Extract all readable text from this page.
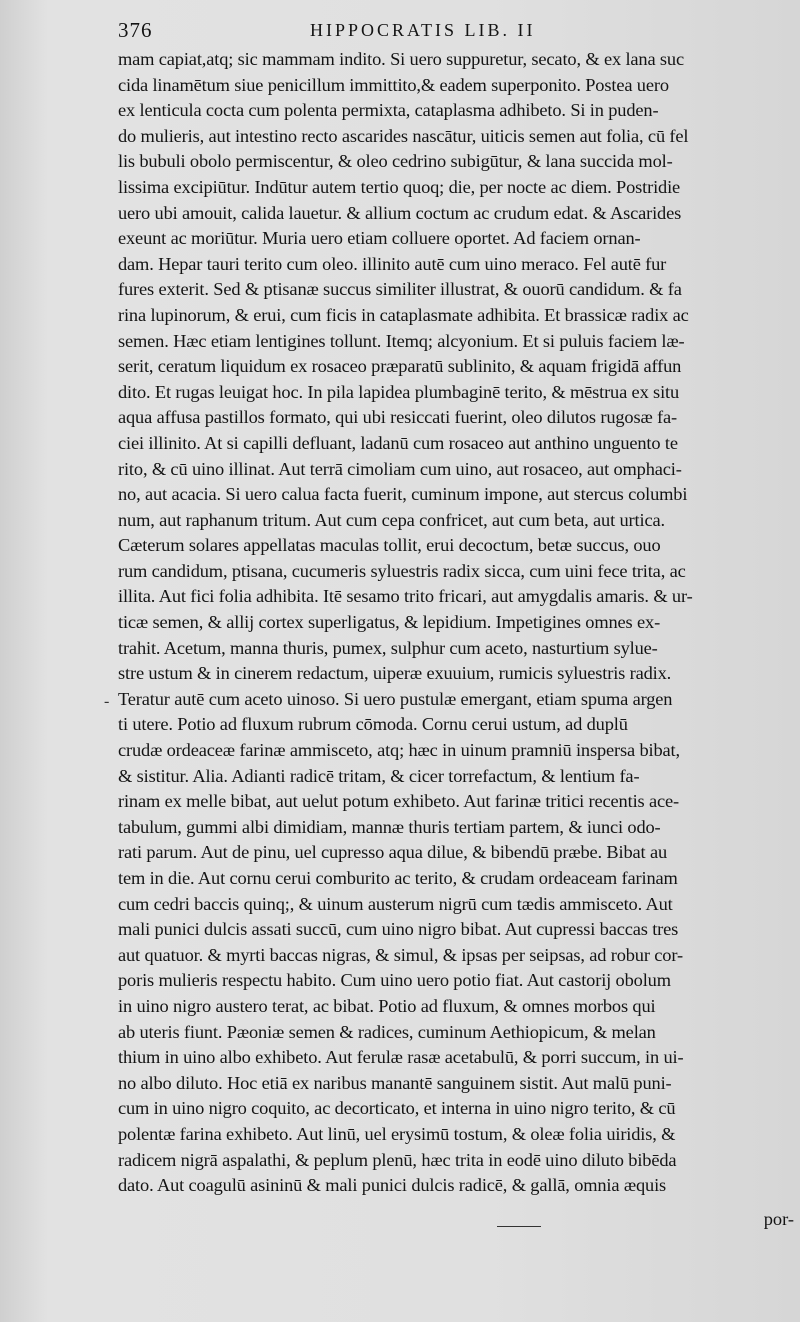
376	HIPPOCRATIS LIB. II
mam capiat,atq; sic mammam indito. Si uero suppuretur, secato, & ex lana suc
cida linamētum siue penicillum immittito,& eadem superponito. Postea uero
ex lenticula cocta cum polenta permixta, cataplasma adhibeto. Si in puden-
do mulieris, aut intestino recto ascarides nascātur, uiticis semen aut folia, cū fel
lis bubuli obolo permiscentur, & oleo cedrino subigūtur, & lana succida mol-
lissima excipiūtur. Indūtur autem tertio quoq; die, per nocte ac diem. Postridie
uero ubi amouit, calida lauetur. & allium coctum ac crudum edat. & Ascarides
exeunt ac moriūtur. Muria uero etiam colluere oportet. Ad faciem ornan-
dam. Hepar tauri terito cum oleo. illinito autē cum uino meraco. Fel autē fur
fures exterit. Sed & ptisanæ succus similiter illustrat, & ouorū candidum. & fa
rina lupinorum, & erui, cum ficis in cataplasmate adhibita. Et brassicæ radix ac
semen. Hæc etiam lentigines tollunt. Itemq; alcyonium. Et si puluis faciem læ-
serit, ceratum liquidum ex rosaceo præparatū sublinito, & aquam frigidā affun
dito. Et rugas leuigat hoc. In pila lapidea plumbaginē terito, & mēstrua ex situ
aqua affusa pastillos formato, qui ubi resiccati fuerint, oleo dilutos rugosæ fa-
ciei illinito. At si capilli defluant, ladanū cum rosaceo aut anthino unguento te
rito, & cū uino illinat. Aut terrā cimoliam cum uino, aut rosaceo, aut omphaci-
no, aut acacia. Si uero calua facta fuerit, cuminum impone, aut stercus columbi
num, aut raphanum tritum. Aut cum cepa confricet, aut cum beta, aut urtica.
Cæterum solares appellatas maculas tollit, erui decoctum, betæ succus, ouo
rum candidum, ptisana, cucumeris syluestris radix sicca, cum uini fece trita, ac
illita. Aut fici folia adhibita. Itē sesamo trito fricari, aut amygdalis amaris. & ur-
ticæ semen, & allij cortex superligatus, & lepidium. Impetigines omnes ex-
trahit. Acetum, manna thuris, pumex, sulphur cum aceto, nasturtium sylue-
stre ustum & in cinerem redactum, uiperæ exuuium, rumicis syluestris radix.
Teratur autē cum aceto uinoso. Si uero pustulæ emergant, etiam spuma argen
ti utere. Potio ad fluxum rubrum cōmoda. Cornu cerui ustum, ad duplū
crudæ ordeaceæ farinæ ammisceto, atq; hæc in uinum pramniū inspersa bibat,
& sistitur. Alia. Adianti radicē tritam, & cicer torrefactum, & lentium fa-
rinam ex melle bibat, aut uelut potum exhibeto. Aut farinæ tritici recentis ace-
tabulum, gummi albi dimidiam, mannæ thuris tertiam partem, & iunci odo-
rati parum. Aut de pinu, uel cupresso aqua dilue, & bibendū præbe. Bibat au
tem in die. Aut cornu cerui comburito ac terito, & crudam ordeaceam farinam
cum cedri baccis quinq;, & uinum austerum nigrū cum tædis ammisceto. Aut
mali punici dulcis assati succū, cum uino nigro bibat. Aut cupressi baccas tres
aut quatuor. & myrti baccas nigras, & simul, & ipsas per seipsas, ad robur cor-
poris mulieris respectu habito. Cum uino uero potio fiat. Aut castorij obolum
in uino nigro austero terat, ac bibat. Potio ad fluxum, & omnes morbos qui
ab uteris fiunt. Pæoniæ semen & radices, cuminum Aethiopicum, & melan
thium in uino albo exhibeto. Aut ferulæ rasæ acetabulū, & porri succum, in ui-
no albo diluto. Hoc etiā ex naribus manantē sanguinem sistit. Aut malū puni-
cum in uino nigro coquito, ac decorticato, et interna in uino nigro terito, & cū
polentæ farina exhibeto. Aut linū, uel erysimū tostum, & oleæ folia uiridis, &
radicem nigrā aspalathi, & peplum plenū, hæc trita in eodē uino diluto bibēda
dato. Aut coagulū asininū & mali punici dulcis radicē, & gallā, omnia æquis
-
por-
